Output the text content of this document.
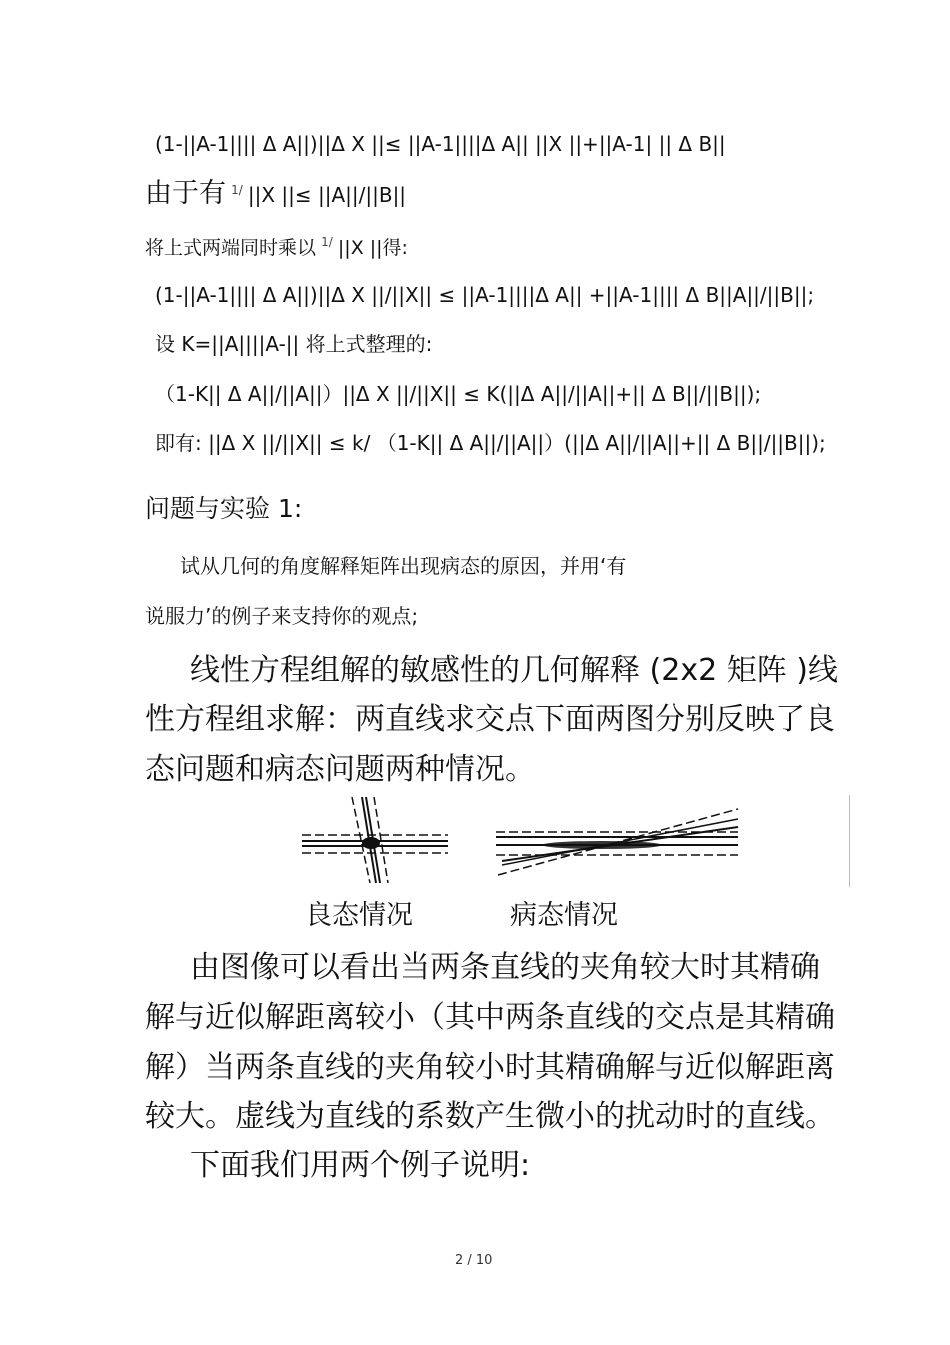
(1-||A-1|||| Δ A||)||Δ X ||≤ ||A-1||||Δ A|| ||X ||+||A-1| || Δ B||
由于有 $^{1/}$ ||X ||≤ ||A||/||B||
将上式两端同时乘以 $^{1/}$ ||X ||得:
(1-||A-1|||| Δ A||)||Δ X ||/||X|| ≤ ||A-1||||Δ A|| +||A-1|||| Δ B||A||/||B||;
设 K=||A||||A-|| 将上式整理的:
（1-K|| Δ A||/||A||）||Δ X ||/||X|| ≤ K(||Δ A||/||A||+|| Δ B||/||B||);
即有: ||Δ X ||/||X|| ≤ k/ （1-K|| Δ A||/||A||）(||Δ A||/||A||+|| Δ B||/||B||);
问题与实验 1:
试从几何的角度解释矩阵出现病态的原因，并用‘有
说服力’的例子来支持你的观点;
线性方程组解的敏感性的几何解释 (2x2 矩阵 )线
性方程组求解：两直线求交点下面两图分别反映了良
态问题和病态问题两种情况。
良态情况	病态情况
由图像可以看出当两条直线的夹角较大时其精确
解与近似解距离较小（其中两条直线的交点是其精确
解）当两条直线的夹角较小时其精确解与近似解距离
较大。虚线为直线的系数产生微小的扰动时的直线。
下面我们用两个例子说明:
2 / 10
